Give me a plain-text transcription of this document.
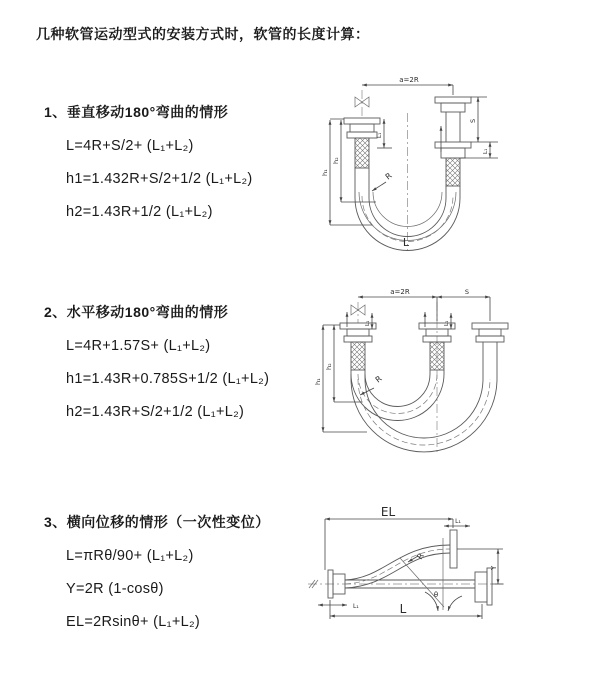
几种软管运动型式的安装方式时，软管的长度计算：
1、垂直移动180°弯曲的情形
L=4R+S/2+ (L₁+L₂)
h1=1.432R+S/2+1/2 (L₁+L₂)
h2=1.43R+1/2 (L₁+L₂)
a=2R
h₁
h₂
L₁
S
L₁
R
L
2、水平移动180°弯曲的情形
L=4R+1.57S+ (L₁+L₂)
h1=1.43R+0.785S+1/2 (L₁+L₂)
h2=1.43R+S/2+1/2 (L₁+L₂)
a=2R	S
h₁
h₂
L₁	L₁
R
3、横向位移的情形（一次性变位）
L=πRθ/90+ (L₁+L₂)
Y=2R (1-cosθ)
EL=2Rsinθ+ (L₁+L₂)
EL
L₁
Y
θ
R
L₁	L
